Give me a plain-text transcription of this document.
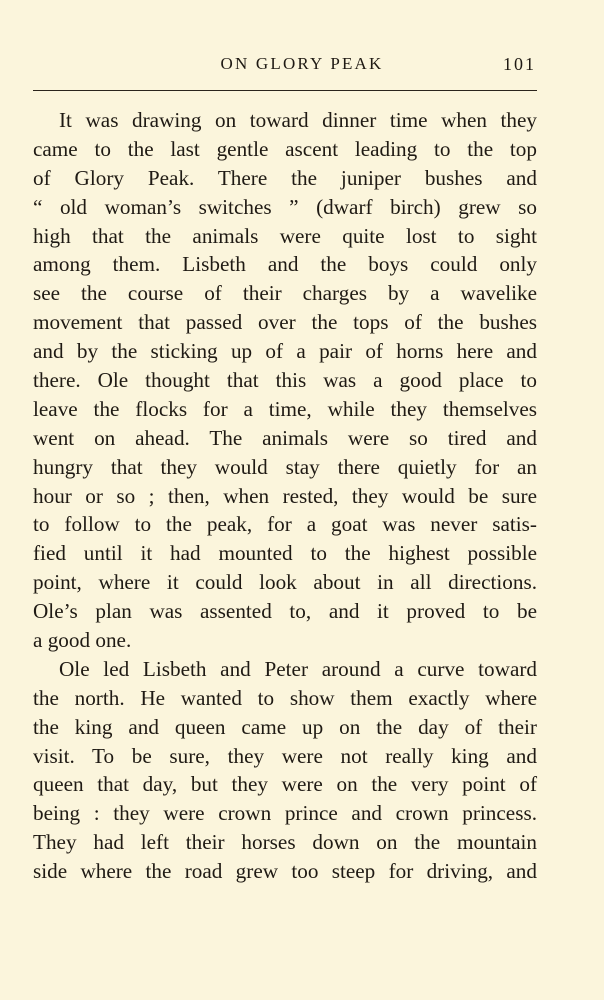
ON GLORY PEAK	101
It was drawing on toward dinner time when they
came to the last gentle ascent leading to the top
of Glory Peak. There the juniper bushes and
“ old woman’s switches ” (dwarf birch) grew so
high that the animals were quite lost to sight
among them. Lisbeth and the boys could only
see the course of their charges by a wavelike
movement that passed over the tops of the bushes
and by the sticking up of a pair of horns here and
there. Ole thought that this was a good place to
leave the flocks for a time, while they themselves
went on ahead. The animals were so tired and
hungry that they would stay there quietly for an
hour or so ; then, when rested, they would be sure
to follow to the peak, for a goat was never satis-
fied until it had mounted to the highest possible
point, where it could look about in all directions.
Ole’s plan was assented to, and it proved to be
a good one.
Ole led Lisbeth and Peter around a curve toward
the north. He wanted to show them exactly where
the king and queen came up on the day of their
visit. To be sure, they were not really king and
queen that day, but they were on the very point of
being : they were crown prince and crown princess.
They had left their horses down on the mountain
side where the road grew too steep for driving, and
